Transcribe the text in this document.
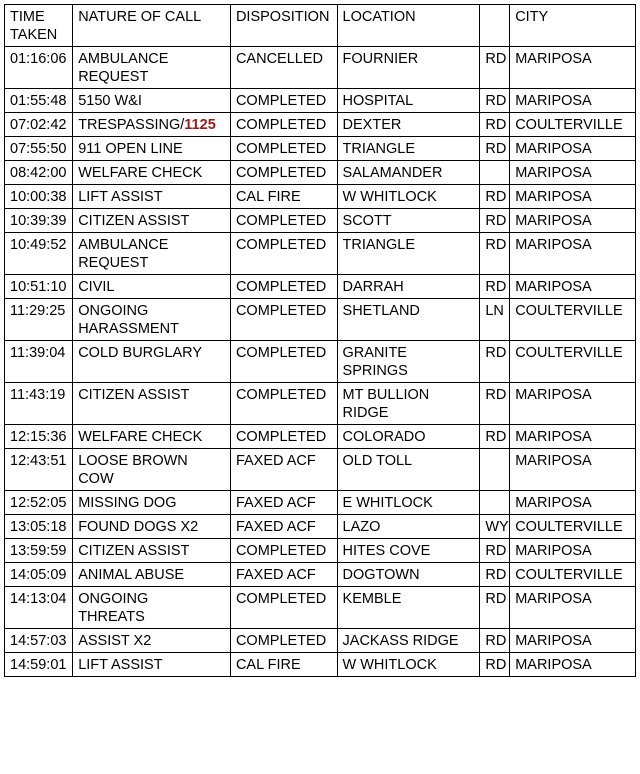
TIME
TAKEN	NATURE OF CALL	DISPOSITION	LOCATION		CITY
01:16:06	AMBULANCE
REQUEST	CANCELLED	FOURNIER	RD	MARIPOSA
01:55:48	5150 W&I	COMPLETED	HOSPITAL	RD	MARIPOSA
07:02:42	TRESPASSING/1125	COMPLETED	DEXTER	RD	COULTERVILLE
07:55:50	911 OPEN LINE	COMPLETED	TRIANGLE	RD	MARIPOSA
08:42:00	WELFARE CHECK	COMPLETED	SALAMANDER		MARIPOSA
10:00:38	LIFT ASSIST	CAL FIRE	W WHITLOCK	RD	MARIPOSA
10:39:39	CITIZEN ASSIST	COMPLETED	SCOTT	RD	MARIPOSA
10:49:52	AMBULANCE
REQUEST	COMPLETED	TRIANGLE	RD	MARIPOSA
10:51:10	CIVIL	COMPLETED	DARRAH	RD	MARIPOSA
11:29:25	ONGOING
HARASSMENT	COMPLETED	SHETLAND	LN	COULTERVILLE
11:39:04	COLD BURGLARY	COMPLETED	GRANITE
SPRINGS	RD	COULTERVILLE
11:43:19	CITIZEN ASSIST	COMPLETED	MT BULLION
RIDGE	RD	MARIPOSA
12:15:36	WELFARE CHECK	COMPLETED	COLORADO	RD	MARIPOSA
12:43:51	LOOSE BROWN
COW	FAXED ACF	OLD TOLL		MARIPOSA
12:52:05	MISSING DOG	FAXED ACF	E WHITLOCK		MARIPOSA
13:05:18	FOUND DOGS X2	FAXED ACF	LAZO	WY	COULTERVILLE
13:59:59	CITIZEN ASSIST	COMPLETED	HITES COVE	RD	MARIPOSA
14:05:09	ANIMAL ABUSE	FAXED ACF	DOGTOWN	RD	COULTERVILLE
14:13:04	ONGOING
THREATS	COMPLETED	KEMBLE	RD	MARIPOSA
14:57:03	ASSIST X2	COMPLETED	JACKASS RIDGE	RD	MARIPOSA
14:59:01	LIFT ASSIST	CAL FIRE	W WHITLOCK	RD	MARIPOSA
